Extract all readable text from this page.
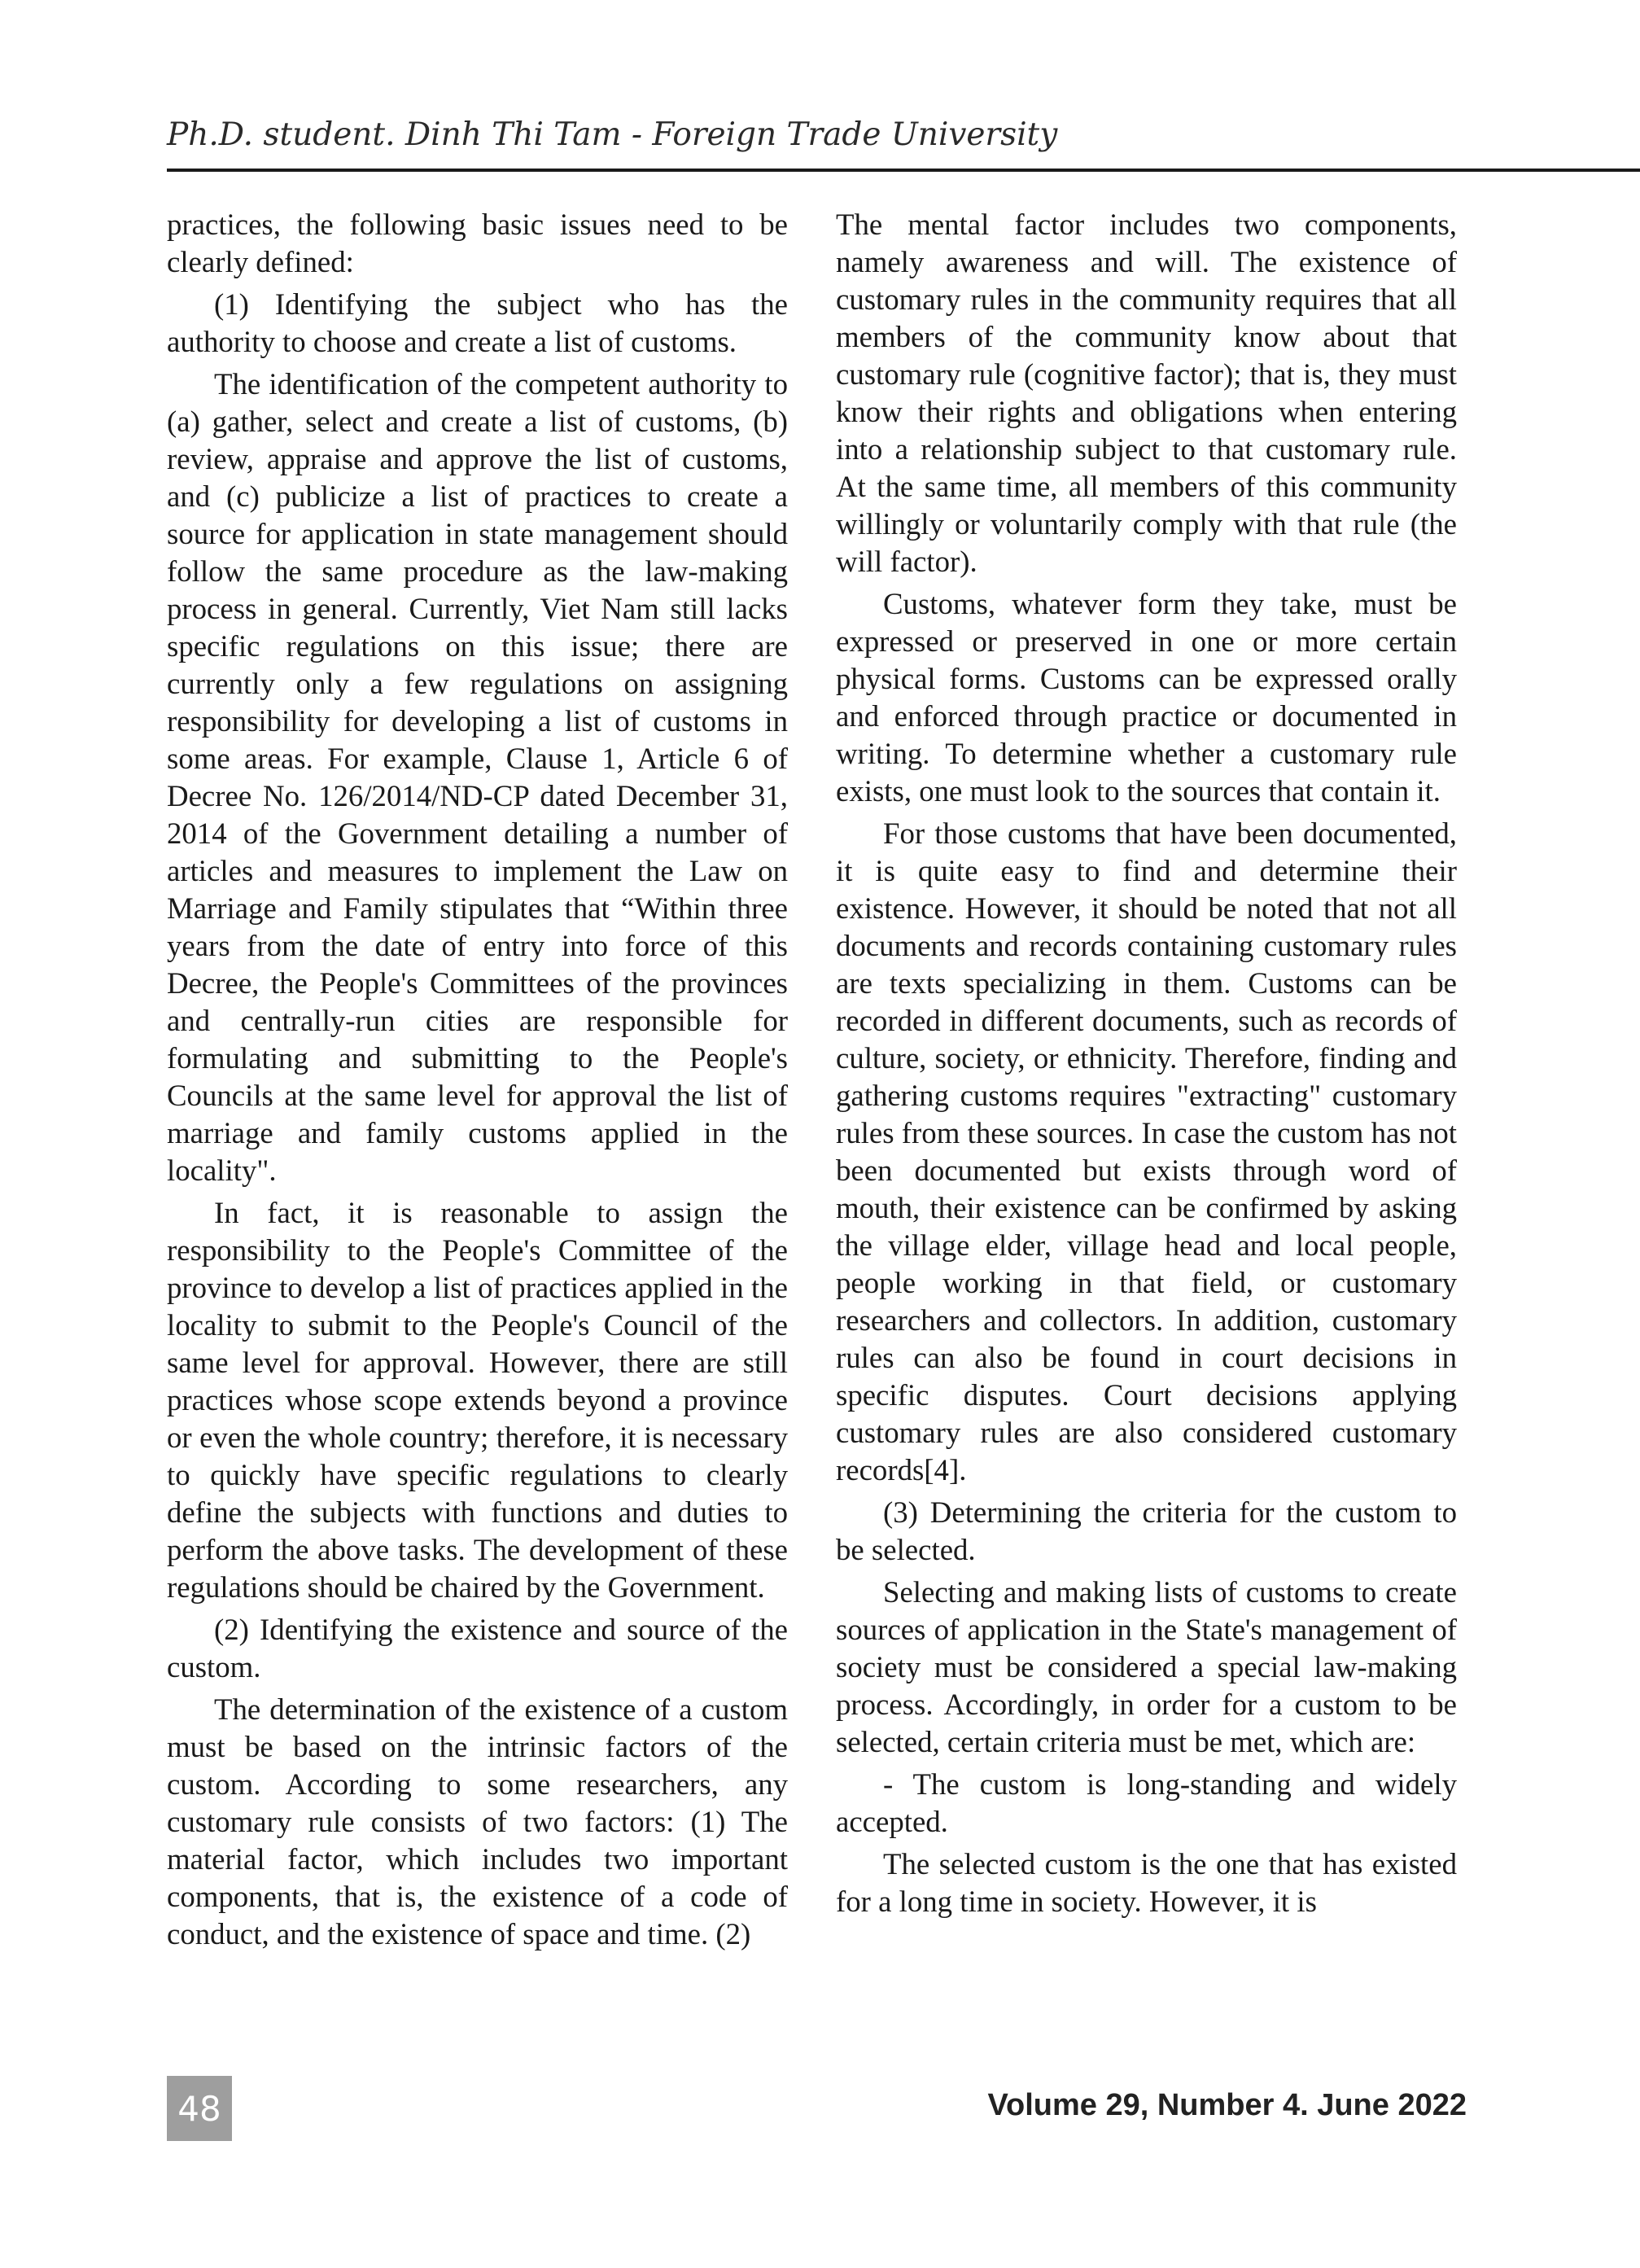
Ph.D. student. Dinh Thi Tam - Foreign Trade University

practices, the following basic issues need to be clearly defined:

(1) Identifying the subject who has the authority to choose and create a list of customs.

The identification of the competent authority to (a) gather, select and create a list of customs, (b) review, appraise and approve the list of customs, and (c) publicize a list of practices to create a source for application in state management should follow the same procedure as the law-making process in general. Currently, Viet Nam still lacks specific regulations on this issue; there are currently only a few regulations on assigning responsibility for developing a list of customs in some areas. For example, Clause 1, Article 6 of Decree No. 126/2014/ND-CP dated December 31, 2014 of the Government detailing a number of articles and measures to implement the Law on Marriage and Family stipulates that “Within three years from the date of entry into force of this Decree, the People's Committees of the provinces and centrally-run cities are responsible for formulating and submitting to the People's Councils at the same level for approval the list of marriage and family customs applied in the locality".

In fact, it is reasonable to assign the responsibility to the People's Committee of the province to develop a list of practices applied in the locality to submit to the People's Council of the same level for approval. However, there are still practices whose scope extends beyond a province or even the whole country; therefore, it is necessary to quickly have specific regulations to clearly define the subjects with functions and duties to perform the above tasks. The development of these regulations should be chaired by the Government.

(2) Identifying the existence and source of the custom.

The determination of the existence of a custom must be based on the intrinsic factors of the custom. According to some researchers, any customary rule consists of two factors: (1) The material factor, which includes two important components, that is, the existence of a code of conduct, and the existence of space and time. (2)

The mental factor includes two components, namely awareness and will. The existence of customary rules in the community requires that all members of the community know about that customary rule (cognitive factor); that is, they must know their rights and obligations when entering into a relationship subject to that customary rule. At the same time, all members of this community willingly or voluntarily comply with that rule (the will factor).

Customs, whatever form they take, must be expressed or preserved in one or more certain physical forms. Customs can be expressed orally and enforced through practice or documented in writing. To determine whether a customary rule exists, one must look to the sources that contain it.

For those customs that have been documented, it is quite easy to find and determine their existence. However, it should be noted that not all documents and records containing customary rules are texts specializing in them. Customs can be recorded in different documents, such as records of culture, society, or ethnicity. Therefore, finding and gathering customs requires "extracting" customary rules from these sources. In case the custom has not been documented but exists through word of mouth, their existence can be confirmed by asking the village elder, village head and local people, people working in that field, or customary researchers and collectors. In addition, customary rules can also be found in court decisions in specific disputes. Court decisions applying customary rules are also considered customary records[4].

(3) Determining the criteria for the custom to be selected.

Selecting and making lists of customs to create sources of application in the State's management of society must be considered a special law-making process. Accordingly, in order for a custom to be selected, certain criteria must be met, which are:

- The custom is long-standing and widely accepted.

The selected custom is the one that has existed for a long time in society. However, it is

48	Volume 29, Number 4. June 2022
